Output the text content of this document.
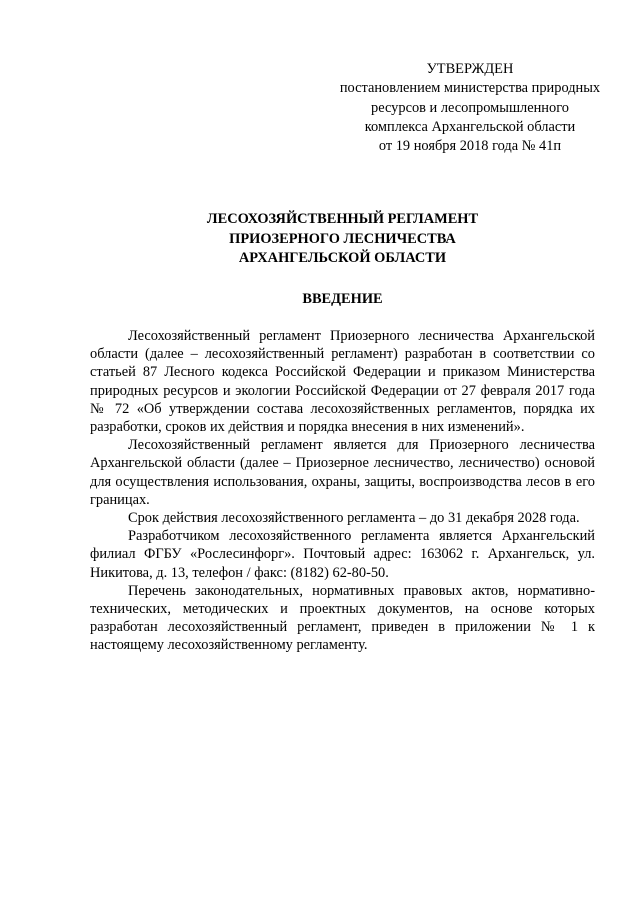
УТВЕРЖДЕН
постановлением министерства природных
ресурсов и лесопромышленного
комплекса Архангельской области
от 19 ноября 2018 года № 41п
ЛЕСОХОЗЯЙСТВЕННЫЙ РЕГЛАМЕНТ
ПРИОЗЕРНОГО ЛЕСНИЧЕСТВА
АРХАНГЕЛЬСКОЙ ОБЛАСТИ
ВВЕДЕНИЕ

Лесохозяйственный регламент Приозерного лесничества Архангельской области (далее – лесохозяйственный регламент) разработан в соответствии со статьей 87 Лесного кодекса Российской Федерации и приказом Министерства природных ресурсов и экологии Российской Федерации от 27 февраля 2017 года № 72 «Об утверждении состава лесохозяйственных регламентов, порядка их разработки, сроков их действия и порядка внесения в них изменений».

Лесохозяйственный регламент является для Приозерного лесничества Архангельской области (далее – Приозерное лесничество, лесничество) основой для осуществления использования, охраны, защиты, воспроизводства лесов в его границах.

Срок действия лесохозяйственного регламента – до 31 декабря 2028 года.

Разработчиком лесохозяйственного регламента является Архангельский филиал ФГБУ «Рослесинфорг». Почтовый адрес: 163062 г. Архангельск, ул. Никитова, д. 13, телефон / факс: (8182) 62-80-50.

Перечень законодательных, нормативных правовых актов, нормативно-технических, методических и проектных документов, на основе которых разработан лесохозяйственный регламент, приведен в приложении № 1 к настоящему лесохозяйственному регламенту.
